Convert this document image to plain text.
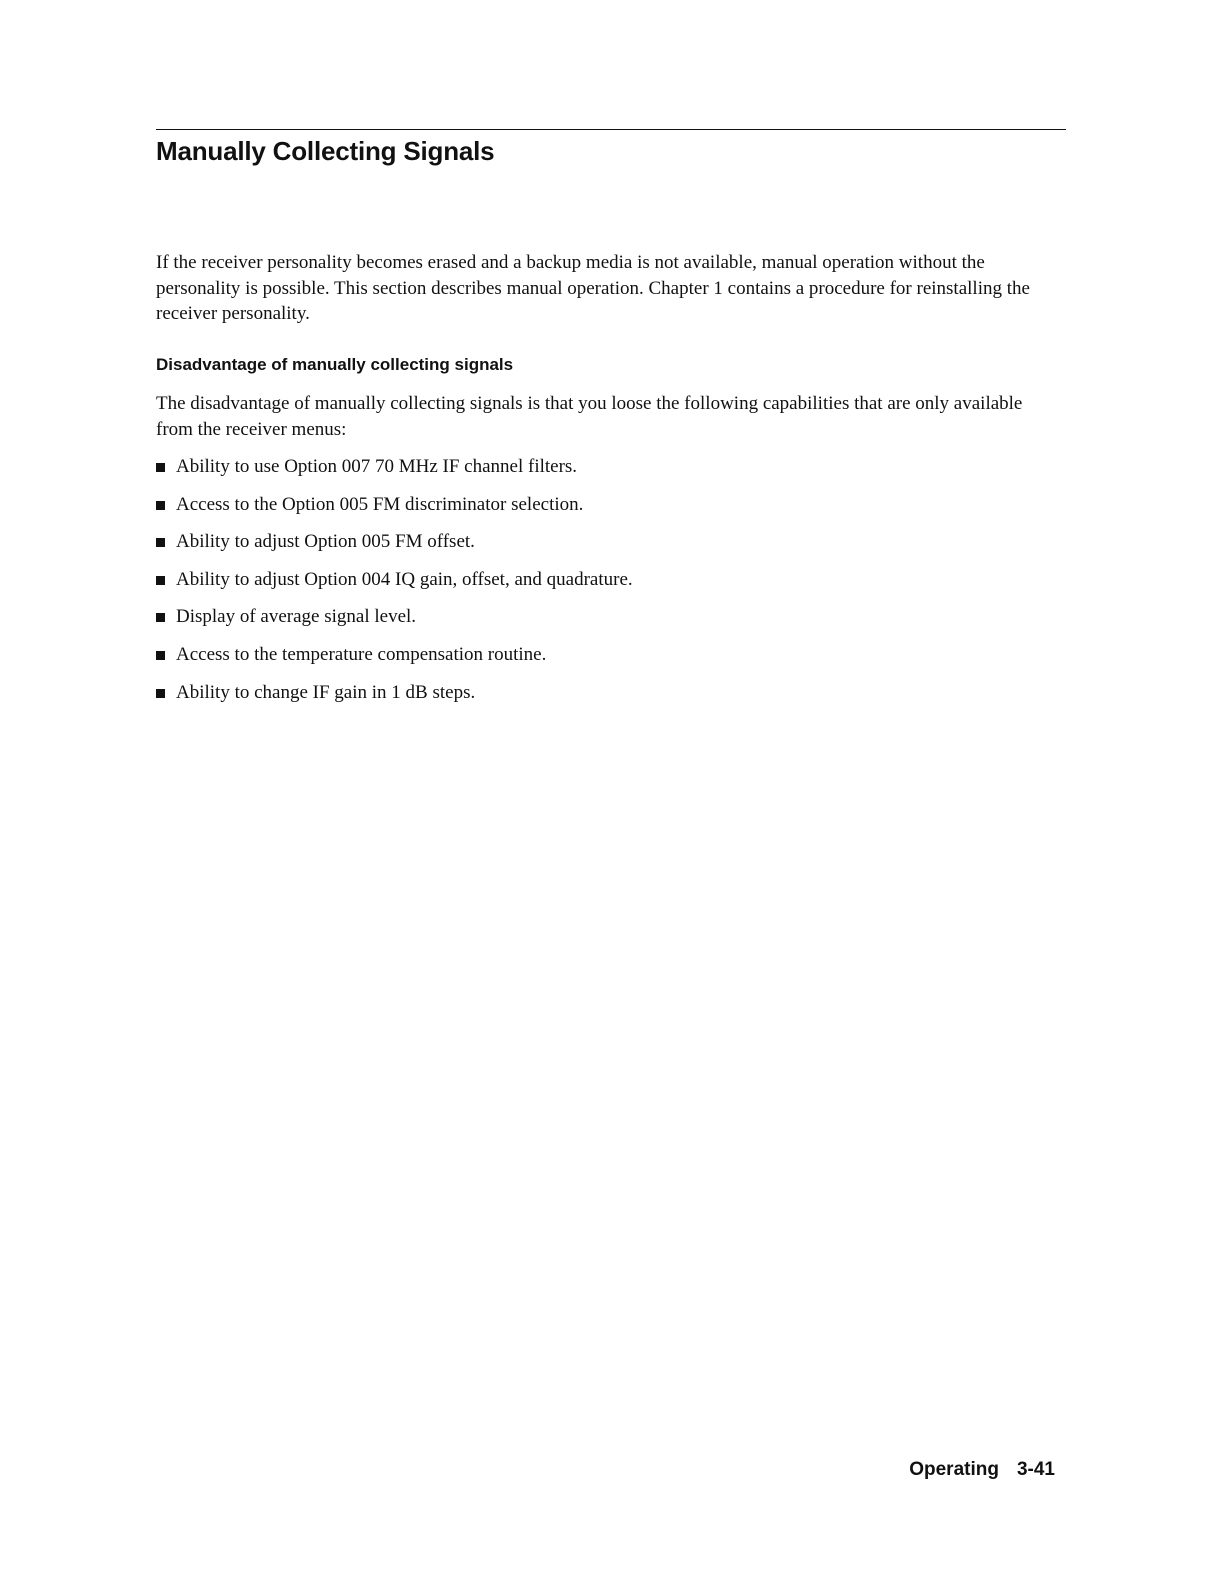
Manually Collecting Signals

If the receiver personality becomes erased and a backup media is not available, manual operation without the personality is possible. This section describes manual operation. Chapter 1 contains a procedure for reinstalling the receiver personality.

Disadvantage of manually collecting signals

The disadvantage of manually collecting signals is that you loose the following capabilities that are only available from the receiver menus:

Ability to use Option 007 70 MHz IF channel filters.
Access to the Option 005 FM discriminator selection.
Ability to adjust Option 005 FM offset.
Ability to adjust Option 004 IQ gain, offset, and quadrature.
Display of average signal level.
Access to the temperature compensation routine.
Ability to change IF gain in 1 dB steps.
Operating 3-41
